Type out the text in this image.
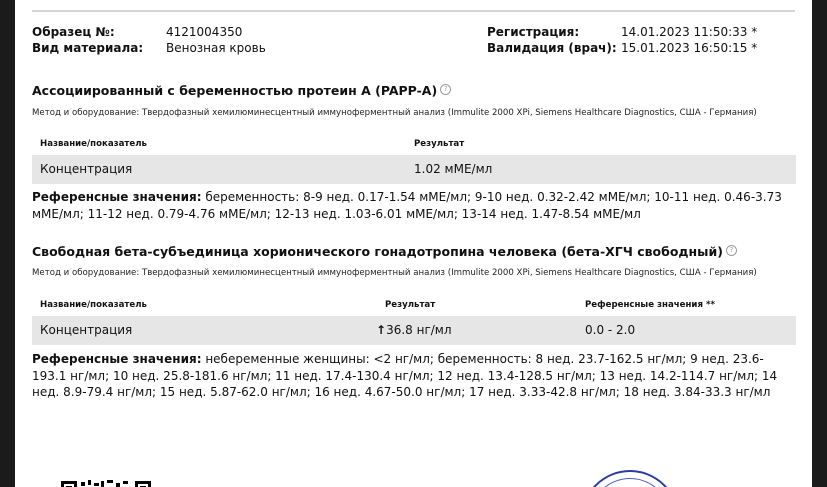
Образец №:	4121004350
Вид материала: Венозная кровь
Регистрация:	14.01.2023 11:50:33 *
Валидация (врач): 15.01.2023 16:50:15 *
Ассоциированный с беременностью протеин А (PAPP-A) ?
Метод и оборудование: Твердофазный хемилюминесцентный иммуноферментный анализ (Immulite 2000 XPi, Siemens Healthcare Diagnostics, США - Германия)
Название/показатель	Результат
Концентрация	1.02 мМЕ/мл
Референсные значения: беременность: 8-9 нед. 0.17-1.54 мМЕ/мл; 9-10 нед. 0.32-2.42 мМЕ/мл; 10-11 нед. 0.46-3.73 мМЕ/мл; 11-12 нед. 0.79-4.76 мМЕ/мл; 12-13 нед. 1.03-6.01 мМЕ/мл; 13-14 нед. 1.47-8.54 мМЕ/мл
Свободная бета-субъединица хорионического гонадотропина человека (бета-ХГЧ свободный) ?
Метод и оборудование: Твердофазный хемилюминесцентный иммуноферментный анализ (Immulite 2000 XPi, Siemens Healthcare Diagnostics, США - Германия)
Название/показатель	Результат	Референсные значения **
Концентрация	↑36.8 нг/мл	0.0 - 2.0
Референсные значения: небеременные женщины: <2 нг/мл; беременность: 8 нед. 23.7-162.5 нг/мл; 9 нед. 23.6-193.1 нг/мл; 10 нед. 25.8-181.6 нг/мл; 11 нед. 17.4-130.4 нг/мл; 12 нед. 13.4-128.5 нг/мл; 13 нед. 14.2-114.7 нг/мл; 14 нед. 8.9-79.4 нг/мл; 15 нед. 5.87-62.0 нг/мл; 16 нед. 4.67-50.0 нг/мл; 17 нед. 3.33-42.8 нг/мл; 18 нед. 3.84-33.3 нг/мл
